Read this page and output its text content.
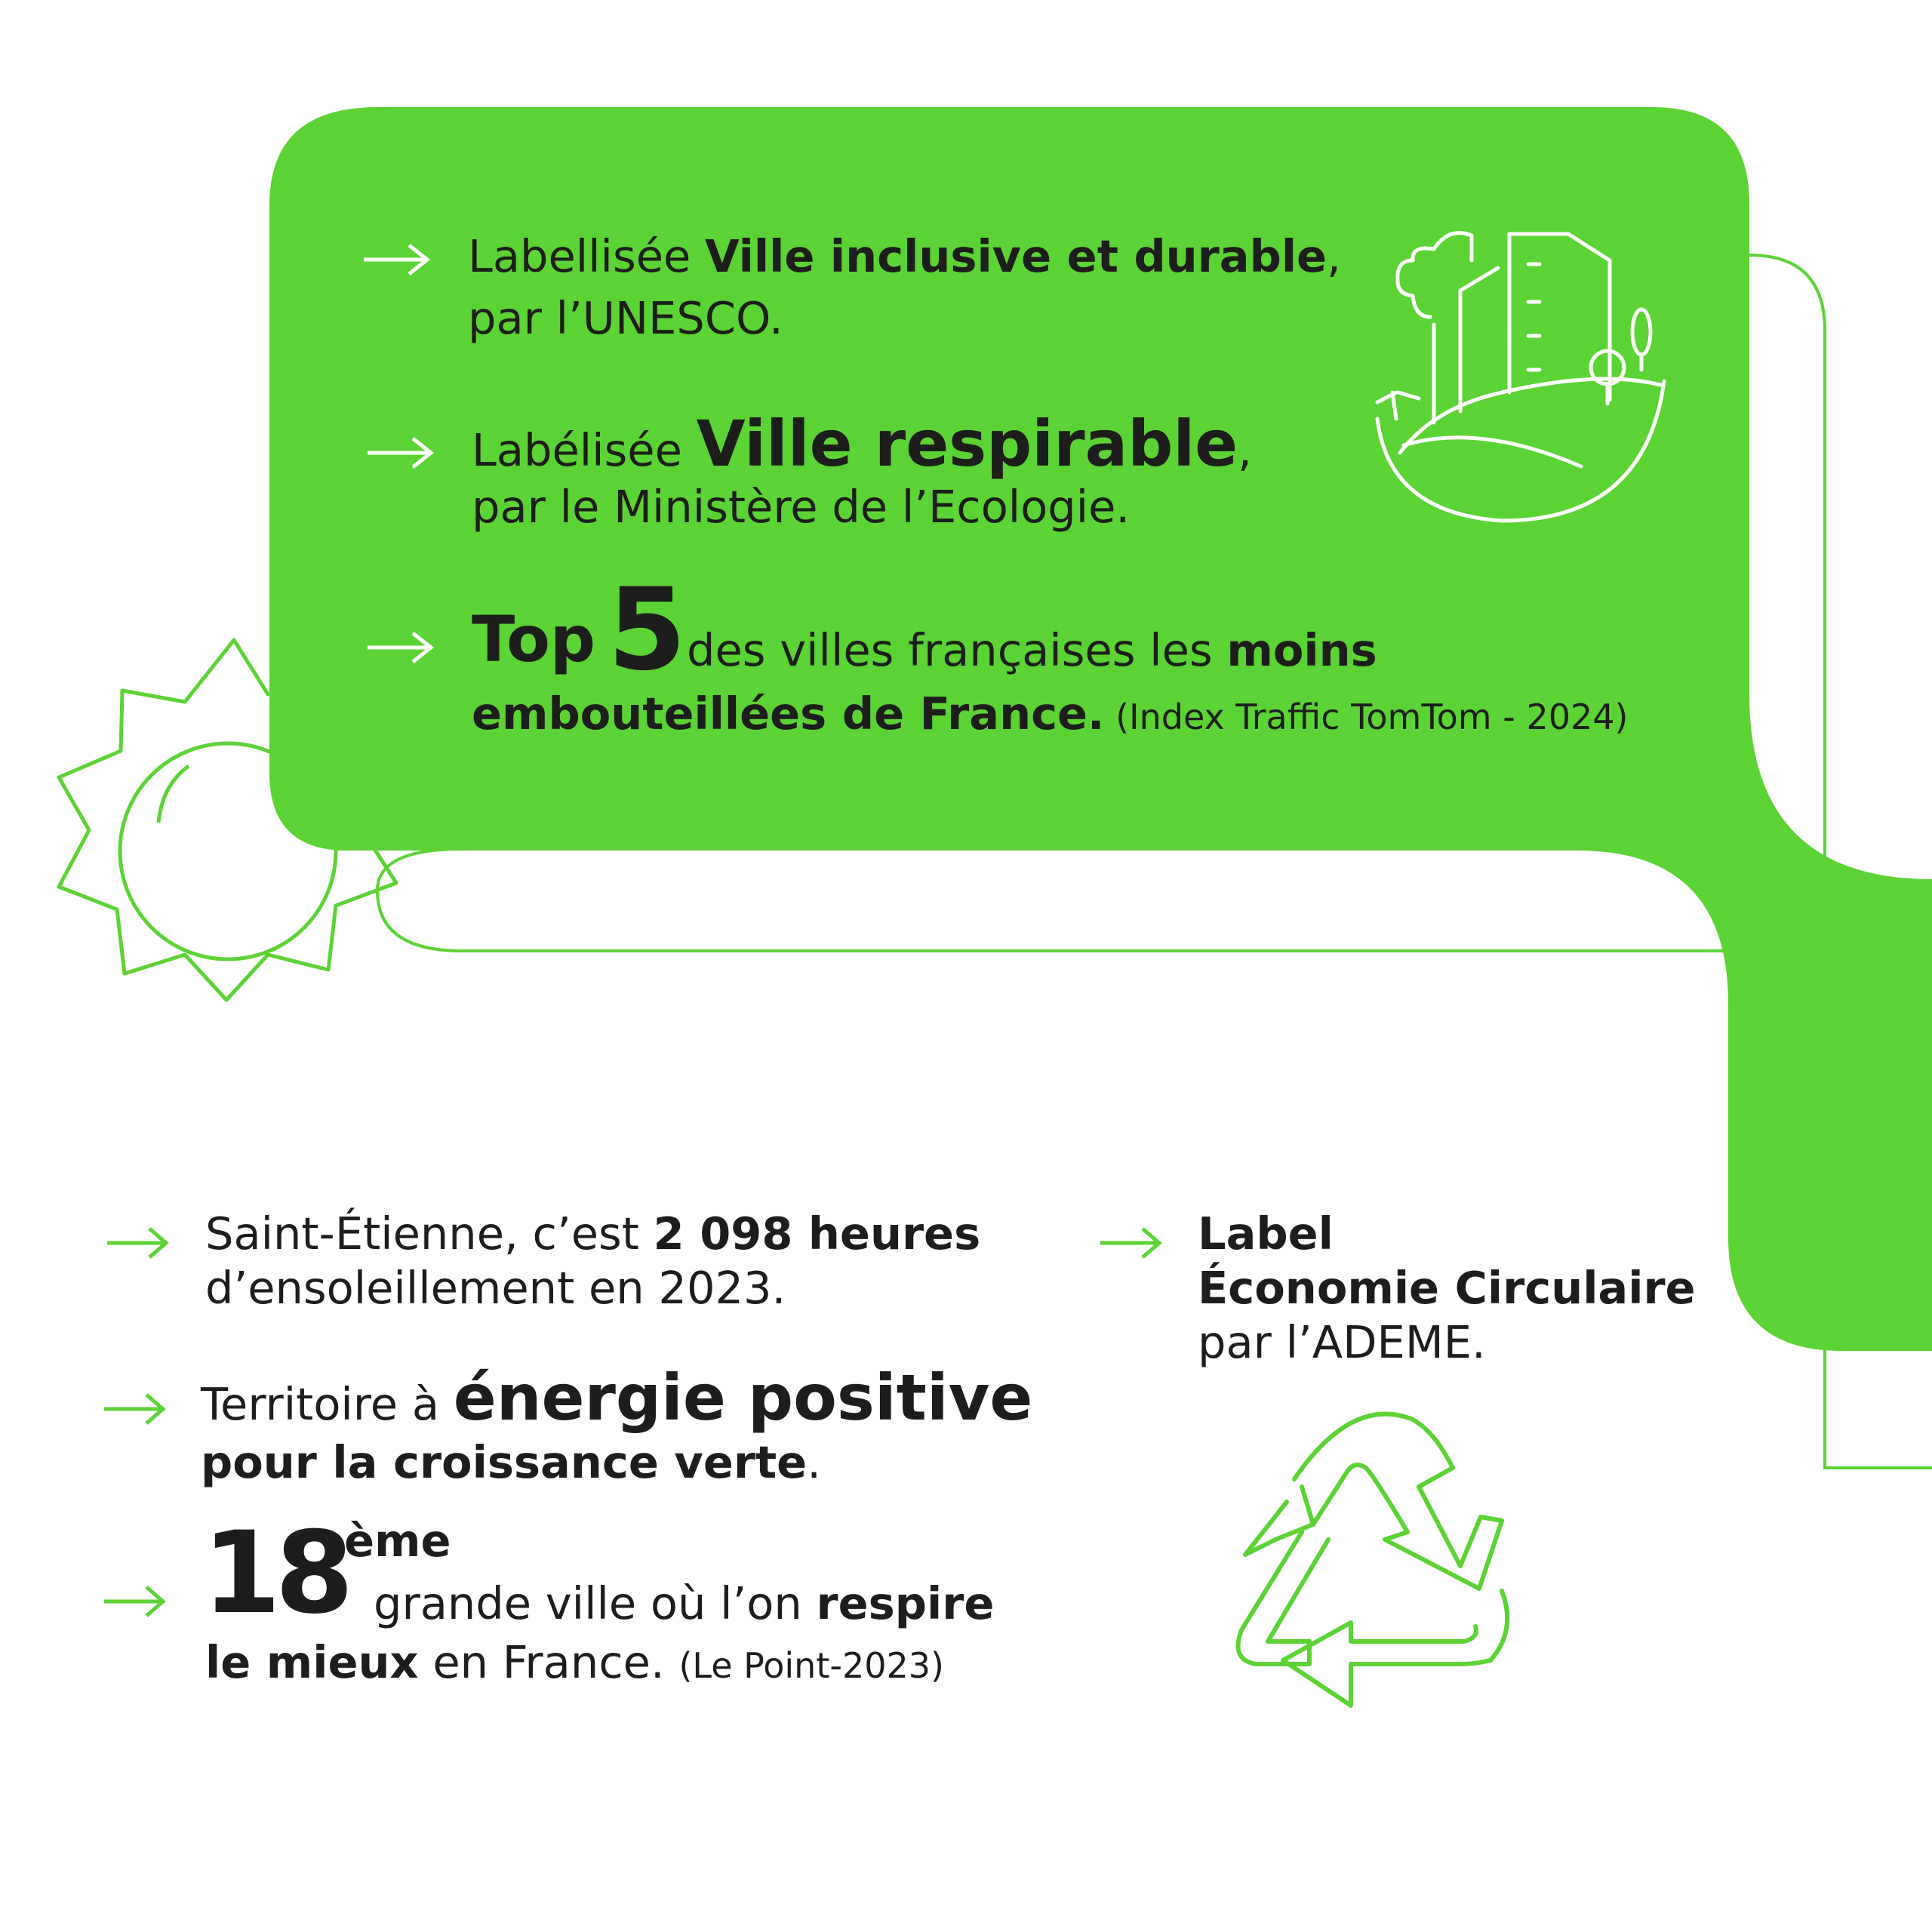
Labellisée Ville inclusive et durable,
par l’UNESCO.
Labélisée Ville respirable,
par le Ministère de l’Ecologie.
Top 5 des villes françaises les moins
embouteillées de France. (Index Traffic TomTom - 2024)
Saint-Étienne, c’est 2 098 heures
d’ensoleillement en 2023.
Territoire à énergie positive
pour la croissance verte.
18
ème
grande ville où l’on respire
le mieux en France. (Le Point-2023)
Label
Économie Circulaire
par l’ADEME.
